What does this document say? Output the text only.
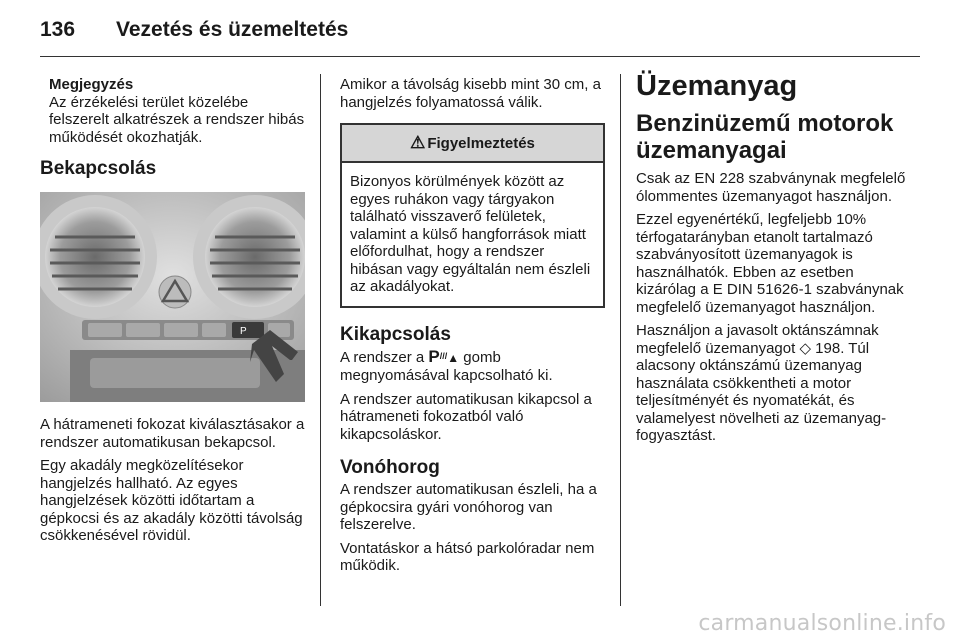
136 Vezetés és üzemeltetés
Megjegyzés

Az érzékelési terület közelébe felszerelt alkatrészek a rendszer hibás működését okozhatják.

Bekapcsolás
P

A hátrameneti fokozat kiválasztásakor a rendszer automatikusan bekapcsol.

Egy akadály megközelítésekor hangjelzés hallható. Az egyes hangjelzések közötti időtartam a gépkocsi és az akadály közötti távolság csökkenésével rövidül.

Amikor a távolság kisebb mint 30 cm, a hangjelzés folyamatossá válik.

⚠ Figyelmeztetés

Bizonyos körülmények között az egyes ruhákon vagy tárgyakon található visszaverő felületek, valamint a külső hangforrások miatt előfordulhat, hogy a rendszer hibásan vagy egyáltalán nem észleli az akadályokat.

Kikapcsolás

A rendszer a P///▲ gomb megnyomásával kapcsolható ki.

A rendszer automatikusan kikapcsol a hátrameneti fokozatból való kikapcsoláskor.

Vonóhorog

A rendszer automatikusan észleli, ha a gépkocsira gyári vonóhorog van felszerelve.

Vontatáskor a hátsó parkolóradar nem működik.

Üzemanyag
Benzinüzemű motorok üzemanyagai

Csak az EN 228 szabványnak megfelelő ólommentes üzemanyagot használjon.

Ezzel egyenértékű, legfeljebb 10% térfogatarányban etanolt tartalmazó szabványosított üzemanyagok is használhatók. Ebben az esetben kizárólag a E DIN 51626-1 szabványnak megfelelő üzemanyagot használjon.

Használjon a javasolt oktánszámnak megfelelő üzemanyagot ◇ 198. Túl alacsony oktánszámú üzemanyag használata csökkentheti a motor teljesítményét és nyomatékát, és valamelyest növelheti az üzemanyag-fogyasztást.

carmanualsonline.info
